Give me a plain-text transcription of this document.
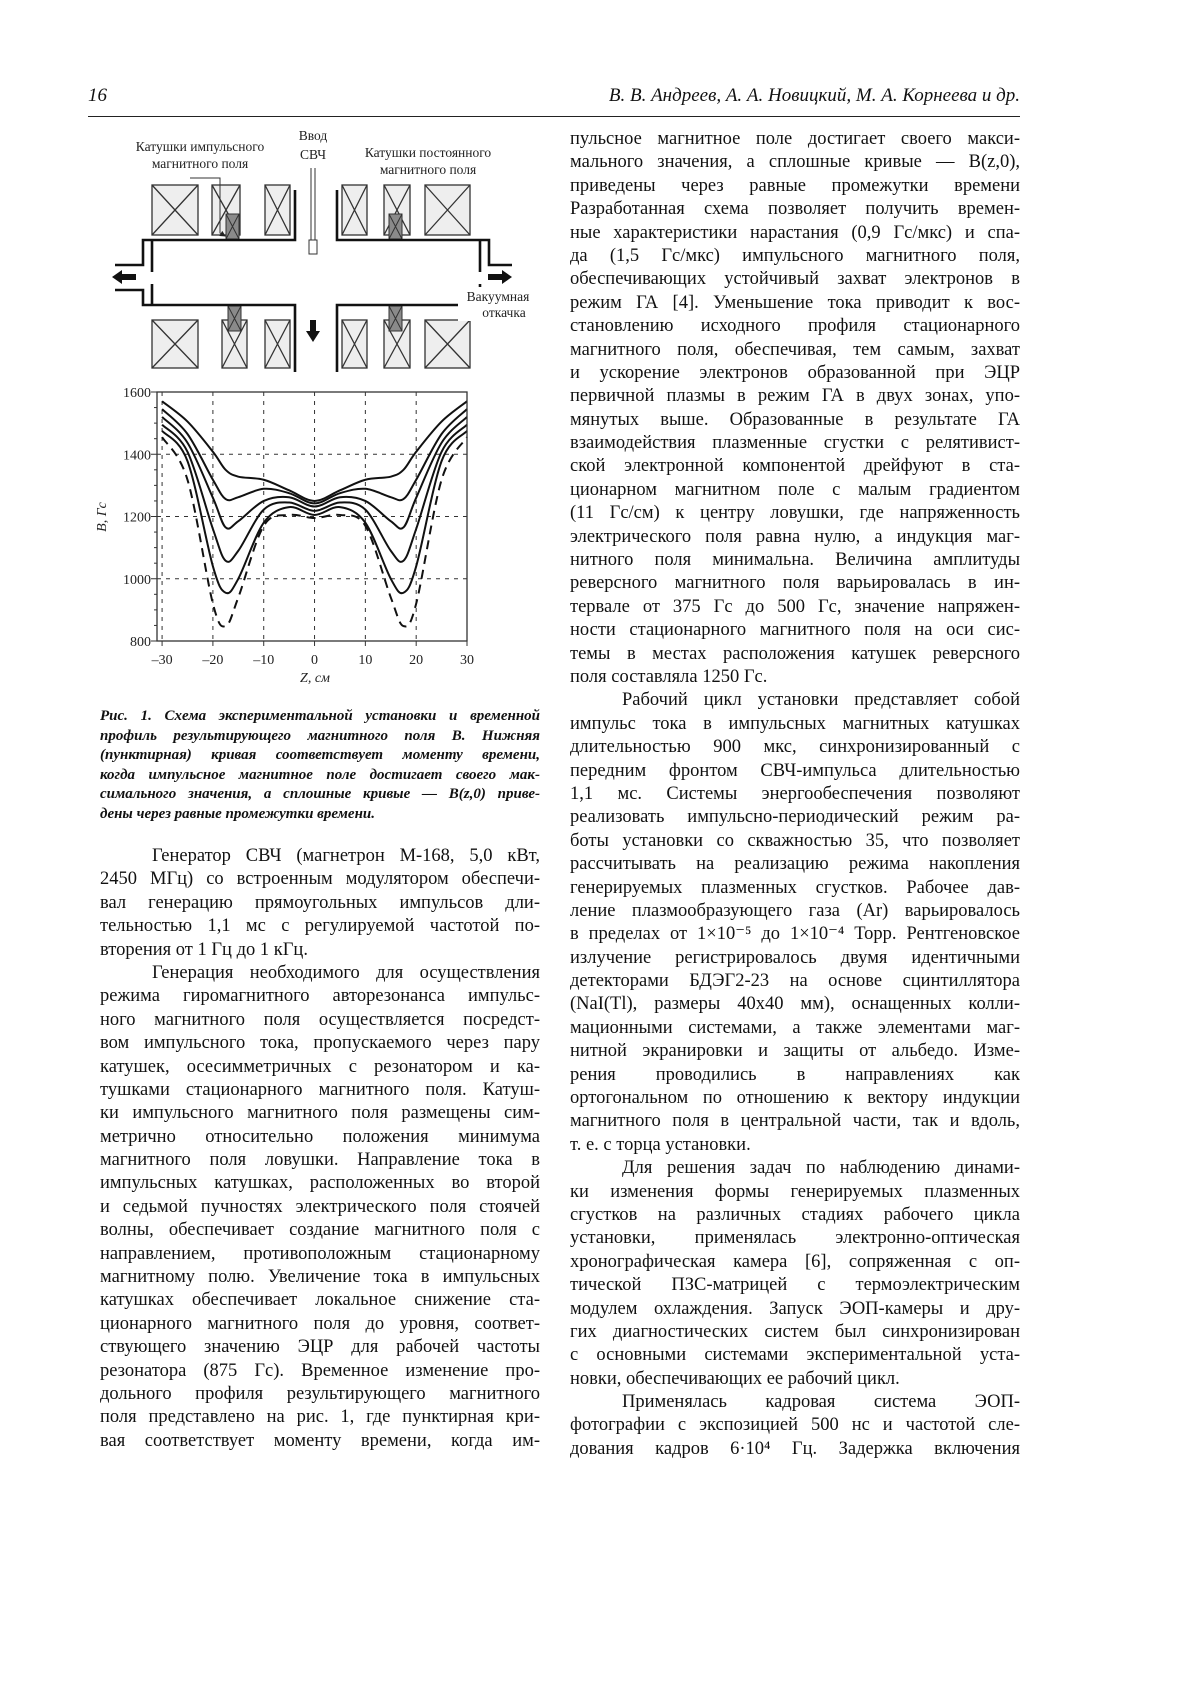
16	В. В. Андреев, А. А. Новицкий, М. А. Корнеева и др.
Катушки импульсного
магнитного поля
Ввод
СВЧ	Катушки постоянного
магнитного поля
Вакуумная
откачка
800
1000
1200
1400
1600
–30 –20 –10	0	10	20	30
B, Гс
Z, см
Рис. 1. Схема экспериментальной установки и временной
профиль результирующего магнитного поля B. Нижняя
(пунктирная) кривая соответствует моменту времени,
когда импульсное магнитное поле достигает своего мак-
симального значения, а сплошные кривые — B(z,0) приве-
дены через равные промежутки времени.
Генератор СВЧ (магнетрон М-168, 5,0 кВт,
2450 МГц) со встроенным модулятором обеспечи-
вал генерацию прямоугольных импульсов дли-
тельностью 1,1 мс с регулируемой частотой по-
вторения от 1 Гц до 1 кГц.
Генерация необходимого для осуществления
режима гиромагнитного авторезонанса импульс-
ного магнитного поля осуществляется посредст-
вом импульсного тока, пропускаемого через пару
катушек, осесимметричных с резонатором и ка-
тушками стационарного магнитного поля. Катуш-
ки импульсного магнитного поля размещены сим-
метрично относительно положения минимума
магнитного поля ловушки. Направление тока в
импульсных катушках, расположенных во второй
и седьмой пучностях электрического поля стоячей
волны, обеспечивает создание магнитного поля с
направлением, противоположным стационарному
магнитному полю. Увеличение тока в импульсных
катушках обеспечивает локальное снижение ста-
ционарного магнитного поля до уровня, соответ-
ствующего значению ЭЦР для рабочей частоты
резонатора (875 Гс). Временное изменение про-
дольного профиля результирующего магнитного
поля представлено на рис. 1, где пунктирная кри-
вая соответствует моменту времени, когда им-
пульсное магнитное поле достигает своего макси-
мального значения, а сплошные кривые — B(z,0),
приведены через равные промежутки времени
Разработанная схема позволяет получить времен-
ные характеристики нарастания (0,9 Гс/мкс) и спа-
да (1,5 Гс/мкс) импульсного магнитного поля,
обеспечивающих устойчивый захват электронов в
режим ГА [4]. Уменьшение тока приводит к вос-
становлению исходного профиля стационарного
магнитного поля, обеспечивая, тем самым, захват
и ускорение электронов образованной при ЭЦР
первичной плазмы в режим ГА в двух зонах, упо-
мянутых выше. Образованные в результате ГА
взаимодействия плазменные сгустки с релятивист-
ской электронной компонентой дрейфуют в ста-
ционарном магнитном поле с малым градиентом
(11 Гс/см) к центру ловушки, где напряженность
электрического поля равна нулю, а индукция маг-
нитного поля минимальна. Величина амплитуды
реверсного магнитного поля варьировалась в ин-
тервале от 375 Гс до 500 Гс, значение напряжен-
ности стационарного магнитного поля на оси сис-
темы в местах расположения катушек реверсного
поля составляла 1250 Гс.
Рабочий цикл установки представляет собой
импульс тока в импульсных магнитных катушках
длительностью 900 мкс, синхронизированный с
передним фронтом СВЧ-импульса длительностью
1,1 мс. Системы энергообеспечения позволяют
реализовать импульсно-периодический режим ра-
боты установки со скважностью 35, что позволяет
рассчитывать на реализацию режима накопления
генерируемых плазменных сгустков. Рабочее дав-
ление плазмообразующего газа (Ar) варьировалось
в пределах от 1×10⁻⁵ до 1×10⁻⁴ Торр. Рентгеновское
излучение регистрировалось двумя идентичными
детекторами БДЭГ2-23 на основе сцинтиллятора
(NaI(Tl), размеры 40х40 мм), оснащенных колли-
мационными системами, а также элементами маг-
нитной экранировки и защиты от альбедо. Изме-
рения проводились в направлениях как
ортогональном по отношению к вектору индукции
магнитного поля в центральной части, так и вдоль,
т. е. с торца установки.
Для решения задач по наблюдению динами-
ки изменения формы генерируемых плазменных
сгустков на различных стадиях рабочего цикла
установки, применялась электронно-оптическая
хронографическая камера [6], сопряженная с оп-
тической ПЗС-матрицей с термоэлектрическим
модулем охлаждения. Запуск ЭОП-камеры и дру-
гих диагностических систем был синхронизирован
с основными системами экспериментальной уста-
новки, обеспечивающих ее рабочий цикл.
Применялась кадровая система ЭОП-
фотографии с экспозицией 500 нс и частотой сле-
дования кадров 6·10⁴ Гц. Задержка включения
